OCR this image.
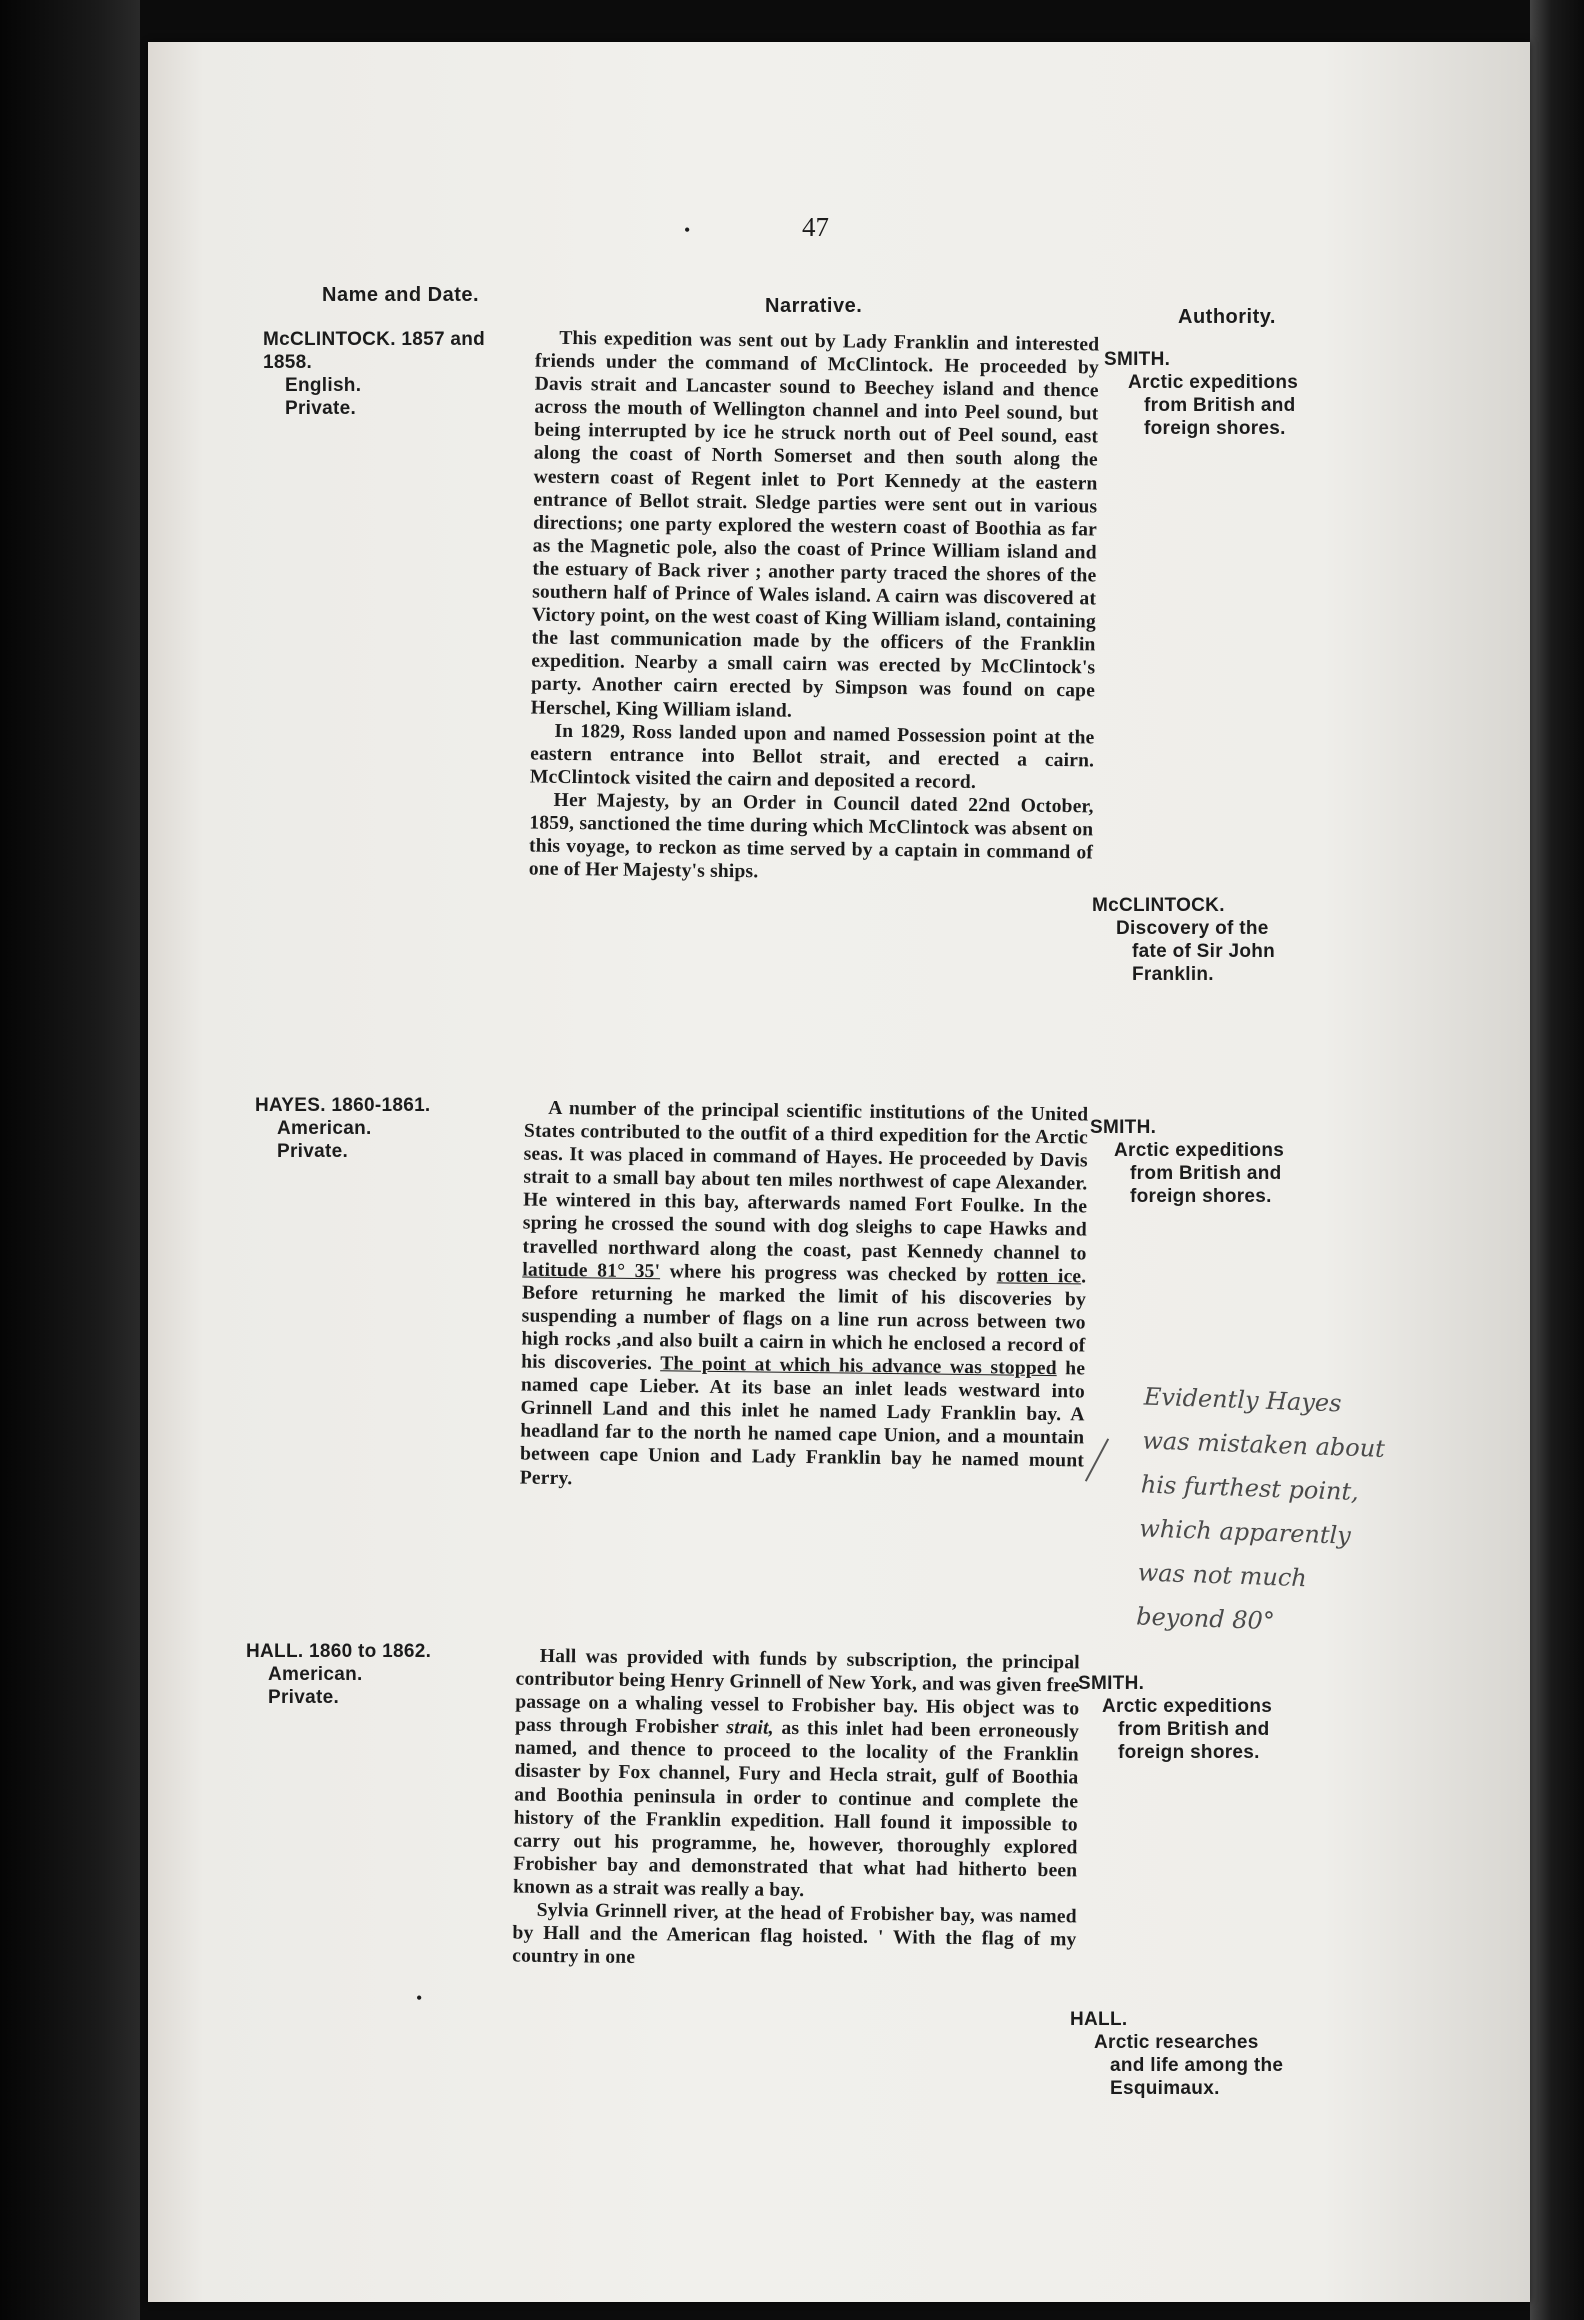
•
•
47
Name and Date.	Narrative.	Authority.
McCLINTOCK. 1857 and
1858.
English.
Private.

This expedition was sent out by Lady Franklin and interested friends under the command of McClintock. He proceeded by Davis strait and Lancaster sound to Beechey island and thence across the mouth of Wellington channel and into Peel sound, but being interrupted by ice he struck north out of Peel sound, east along the coast of North Somerset and then south along the western coast of Regent inlet to Port Kennedy at the eastern entrance of Bellot strait. Sledge parties were sent out in various directions; one party explored the western coast of Boothia as far as the Magnetic pole, also the coast of Prince William island and the estuary of Back river ; another party traced the shores of the southern half of Prince of Wales island. A cairn was discovered at Victory point, on the west coast of King William island, containing the last communication made by the officers of the Franklin expedition. Nearby a small cairn was erected by McClintock's party. Another cairn erected by Simpson was found on cape Herschel, King William island.

In 1829, Ross landed upon and named Possession point at the eastern entrance into Bellot strait, and erected a cairn. McClintock visited the cairn and deposited a record.

Her Majesty, by an Order in Council dated 22nd October, 1859, sanctioned the time during which McClintock was absent on this voyage, to reckon as time served by a captain in command of one of Her Majesty's ships.

SMITH.
Arctic expeditions
from British and
foreign shores.
McCLINTOCK.
Discovery of the
fate of Sir John
Franklin.
HAYES. 1860-1861.
American.
Private.

A number of the principal scientific institutions of the United States contributed to the outfit of a third expedition for the Arctic seas. It was placed in command of Hayes. He proceeded by Davis strait to a small bay about ten miles northwest of cape Alexander. He wintered in this bay, afterwards named Fort Foulke. In the spring he crossed the sound with dog sleighs to cape Hawks and travelled northward along the coast, past Kennedy channel to latitude 81° 35' where his progress was checked by rotten ice. Before returning he marked the limit of his discoveries by suspending a number of flags on a line run across between two high rocks ,and also built a cairn in which he enclosed a record of his discoveries. The point at which his advance was stopped he named cape Lieber. At its base an inlet leads westward into Grinnell Land and this inlet he named Lady Franklin bay. A headland far to the north he named cape Union, and a mountain between cape Union and Lady Franklin bay he named mount Perry.

SMITH.
Arctic expeditions
from British and
foreign shores.
Evidently Hayes
was mistaken about
his furthest point,
which apparently
was not much
beyond 80°
HALL. 1860 to 1862.
American.
Private.

Hall was provided with funds by subscription, the principal contributor being Henry Grinnell of New York, and was given free passage on a whaling vessel to Frobisher bay. His object was to pass through Frobisher strait, as this inlet had been erroneously named, and thence to proceed to the locality of the Franklin disaster by Fox channel, Fury and Hecla strait, gulf of Boothia and Boothia peninsula in order to continue and complete the history of the Franklin expedition. Hall found it impossible to carry out his programme, he, however, thoroughly explored Frobisher bay and demonstrated that what had hitherto been known as a strait was really a bay.

Sylvia Grinnell river, at the head of Frobisher bay, was named by Hall and the American flag hoisted. ' With the flag of my country in one

SMITH.
Arctic expeditions
from British and
foreign shores.
HALL.
Arctic researches
and life among the
Esquimaux.
